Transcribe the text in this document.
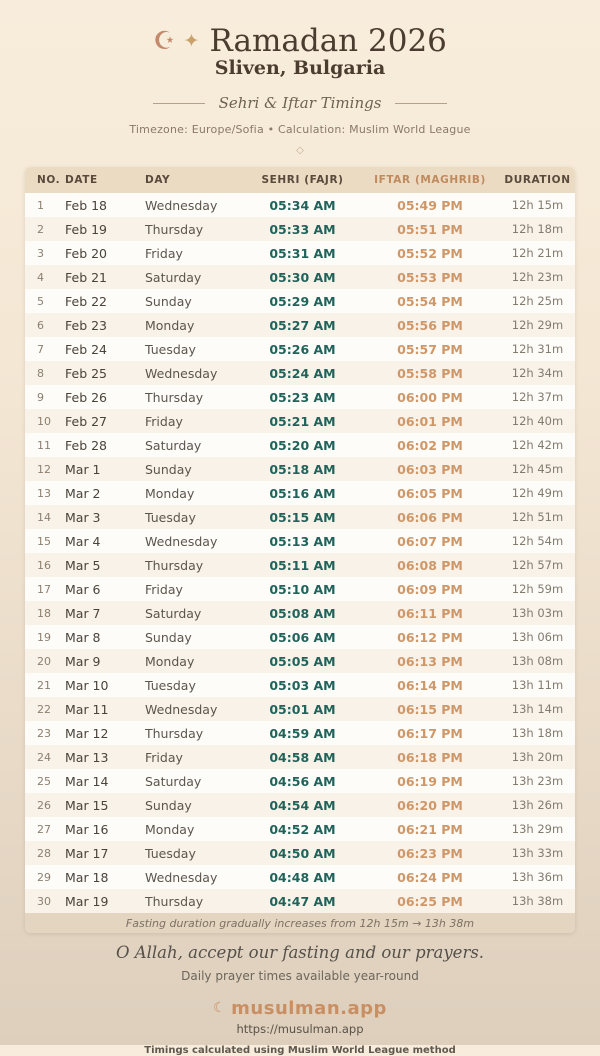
☪ ✦ Ramadan 2026
Sliven, Bulgaria
Sehri & Iftar Timings
Timezone: Europe/Sofia • Calculation: Muslim World League
◇
NO. DATE	DAY	SEHRI (FAJR)	IFTAR (MAGHRIB)	DURATION
1	Feb 18	Wednesday	05:34 AM	05:49 PM	12h 15m
2	Feb 19	Thursday	05:33 AM	05:51 PM	12h 18m
3	Feb 20	Friday	05:31 AM	05:52 PM	12h 21m
4	Feb 21	Saturday	05:30 AM	05:53 PM	12h 23m
5	Feb 22	Sunday	05:29 AM	05:54 PM	12h 25m
6	Feb 23	Monday	05:27 AM	05:56 PM	12h 29m
7	Feb 24	Tuesday	05:26 AM	05:57 PM	12h 31m
8	Feb 25	Wednesday	05:24 AM	05:58 PM	12h 34m
9	Feb 26	Thursday	05:23 AM	06:00 PM	12h 37m
10	Feb 27	Friday	05:21 AM	06:01 PM	12h 40m
11	Feb 28	Saturday	05:20 AM	06:02 PM	12h 42m
12	Mar 1	Sunday	05:18 AM	06:03 PM	12h 45m
13	Mar 2	Monday	05:16 AM	06:05 PM	12h 49m
14	Mar 3	Tuesday	05:15 AM	06:06 PM	12h 51m
15	Mar 4	Wednesday	05:13 AM	06:07 PM	12h 54m
16	Mar 5	Thursday	05:11 AM	06:08 PM	12h 57m
17	Mar 6	Friday	05:10 AM	06:09 PM	12h 59m
18	Mar 7	Saturday	05:08 AM	06:11 PM	13h 03m
19	Mar 8	Sunday	05:06 AM	06:12 PM	13h 06m
20	Mar 9	Monday	05:05 AM	06:13 PM	13h 08m
21	Mar 10	Tuesday	05:03 AM	06:14 PM	13h 11m
22	Mar 11	Wednesday	05:01 AM	06:15 PM	13h 14m
23	Mar 12	Thursday	04:59 AM	06:17 PM	13h 18m
24	Mar 13	Friday	04:58 AM	06:18 PM	13h 20m
25	Mar 14	Saturday	04:56 AM	06:19 PM	13h 23m
26	Mar 15	Sunday	04:54 AM	06:20 PM	13h 26m
27	Mar 16	Monday	04:52 AM	06:21 PM	13h 29m
28	Mar 17	Tuesday	04:50 AM	06:23 PM	13h 33m
29	Mar 18	Wednesday	04:48 AM	06:24 PM	13h 36m
30	Mar 19	Thursday	04:47 AM	06:25 PM	13h 38m
Fasting duration gradually increases from 12h 15m → 13h 38m
O Allah, accept our fasting and our prayers.
Daily prayer times available year-round
☾ musulman.app
https://musulman.app
Timings calculated using Muslim World League method
